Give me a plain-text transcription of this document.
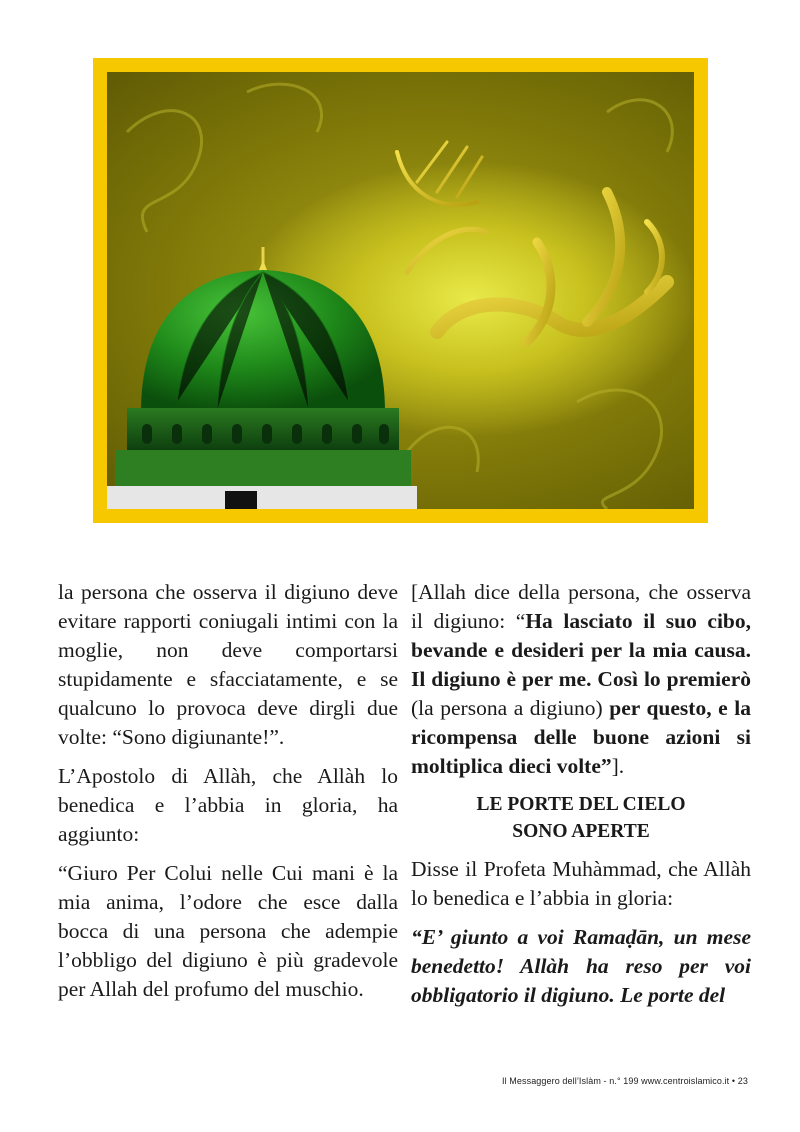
la persona che osserva il digiuno deve evitare rapporti coniugali intimi con la moglie, non deve comportarsi stupidamente e sfacciatamente, e se qualcuno lo provoca deve dirgli due volte: “Sono digiunante!”.

L’Apostolo di Allàh, che Allàh lo benedica e l’abbia in gloria, ha aggiunto:

“Giuro Per Colui nelle Cui mani è la mia anima, l’odore che esce dalla bocca di una persona che adempie l’obbligo del digiuno è più gradevole per Allah del profumo del muschio.

[Allah dice della persona, che osserva il digiuno: “Ha lasciato il suo cibo, bevande e desideri per la mia causa. Il digiuno è per me. Così lo premierò (la persona a digiuno) per questo, e la ricompensa delle buone azioni si moltiplica dieci volte”].

LE PORTE DEL CIELO
SONO APERTE

Disse il Profeta Muhàmmad, che Allàh lo benedica e l’abbia in gloria:

“E’ giunto a voi Ramaḍān, un mese benedetto! Allàh ha reso per voi obbligatorio il digiuno. Le porte del

Il Messaggero dell’Islàm - n.° 199 www.centroislamico.it • 23
